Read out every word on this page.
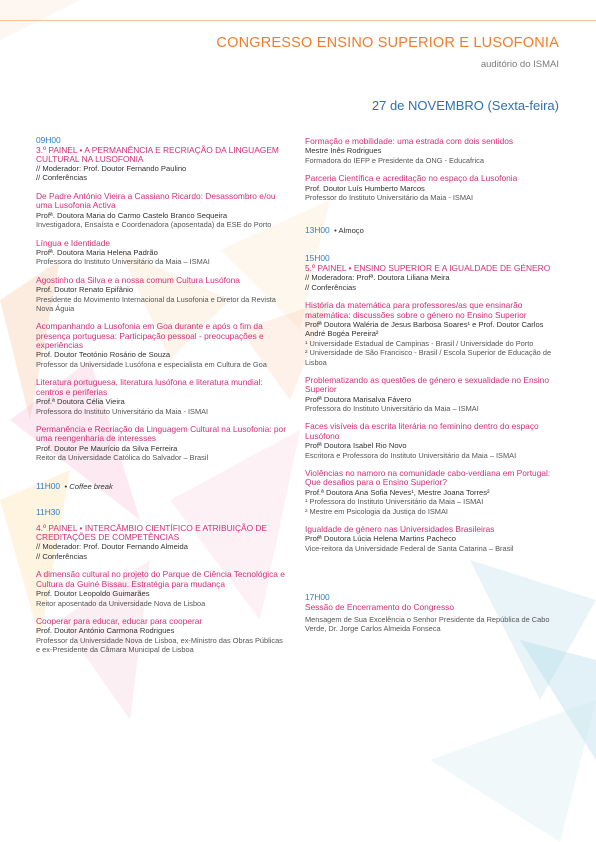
CONGRESSO ENSINO SUPERIOR E LUSOFONIA
auditório do ISMAI
27 de NOVEMBRO (Sexta-feira)
09H00
3.º PAINEL • A PERMANÊNCIA E RECRIAÇÃO DA LINGUAGEM CULTURAL NA LUSOFONIA
// Moderador: Prof. Doutor Fernando Paulino
// Conferências
De Padre António Vieira a Cassiano Ricardo: Desassombro e/ou uma Lusofonia Activa
Profª. Doutora Maria do Carmo Castelo Branco Sequeira
Investigadora, Ensaísta e Coordenadora (aposentada) da ESE do Porto
Língua e Identidade
Profª. Doutora Maria Helena Padrão
Professora do Instituto Universitário da Maia – ISMAI
Agostinho da Silva e a nossa comum Cultura Lusófona
Prof. Doutor Renato Epifânio
Presidente do Movimento Internacional da Lusofonia e Diretor da Revista Nova Águia
Acompanhando a Lusofonia em Goa durante e após o fim da presença portuguesa: Participação pessoal - preocupações e experiências
Prof. Doutor Teotónio Rosário de Souza
Professor da Universidade Lusófona e especialista em Cultura de Goa
Literatura portuguesa, literatura lusófona e literatura mundial: centros e periferias
Prof.ª Doutora Célia Vieira
Professora do Instituto Universitário da Maia - ISMAI
Permanência e Recriação da Linguagem Cultural na Lusofonia: por uma reengenharia de interesses
Prof. Doutor Pe Maurício da Silva Ferreira
Reitor da Universidade Católica do Salvador – Brasil
11H00 • Coffee break
11H30
4.º PAINEL • INTERCÂMBIO CIENTÍFICO E ATRIBUIÇÃO DE CREDITAÇÕES DE COMPETÊNCIAS
// Moderador: Prof. Doutor Fernando Almeida
// Conferências
A dimensão cultural no projeto do Parque de Ciência Tecnológica e Cultura da Guiné Bissau. Estratégia para mudança
Prof. Doutor Leopoldo Guimarães
Reitor aposentado da Universidade Nova de Lisboa
Cooperar para educar, educar para cooperar
Prof. Doutor António Carmona Rodrigues
Professor da Universidade Nova de Lisboa, ex-Ministro das Obras Públicas e ex-Presidente da Câmara Municipal de Lisboa
Formação e mobilidade: uma estrada com dois sentidos
Mestre Inês Rodrigues
Formadora do IEFP e Presidente da ONG - Educafrica
Parceria Científica e acreditação no espaço da Lusofonia
Prof. Doutor Luís Humberto Marcos
Professor do Instituto Universitário da Maia - ISMAI
13H00 • Almoço
15H00
5.º PAINEL • ENSINO SUPERIOR E A IGUALDADE DE GÉNERO
// Moderadora: Profª. Doutora Liliana Meira
// Conferências
História da matemática para professores/as que ensinarão matemática: discussões sobre o género no Ensino Superior
Profª Doutora Waléria de Jesus Barbosa Soares¹ e Prof. Doutor Carlos André Bogéa Pereira²
¹ Universidade Estadual de Campinas - Brasil / Universidade do Porto
² Universidade de São Francisco - Brasil / Escola Superior de Educação de Lisboa
Problematizando as questões de género e sexualidade no Ensino Superior
Profª Doutora Marisalva Fávero
Professora do Instituto Universitário da Maia – ISMAI
Faces visíveis da escrita literária no feminino dentro do espaço Lusófono
Profª Doutora Isabel Rio Novo
Escritora e Professora do Instituto Universitário da Maia – ISMAI
Violências no namoro na comunidade cabo-verdiana em Portugal: Que desafios para o Ensino Superior?
Prof.ª Doutora Ana Sofia Neves¹, Mestre Joana Torres²
¹ Professora do Instituto Universitário da Maia – ISMAI
² Mestre em Psicologia da Justiça do ISMAI
Igualdade de género nas Universidades Brasileiras
Profª Doutora Lúcia Helena Martins Pacheco
Vice-reitora da Universidade Federal de Santa Catarina – Brasil
17H00
Sessão de Encerramento do Congresso
Mensagem de Sua Excelência o Senhor Presidente da República de Cabo Verde, Dr. Jorge Carlos Almeida Fonseca
